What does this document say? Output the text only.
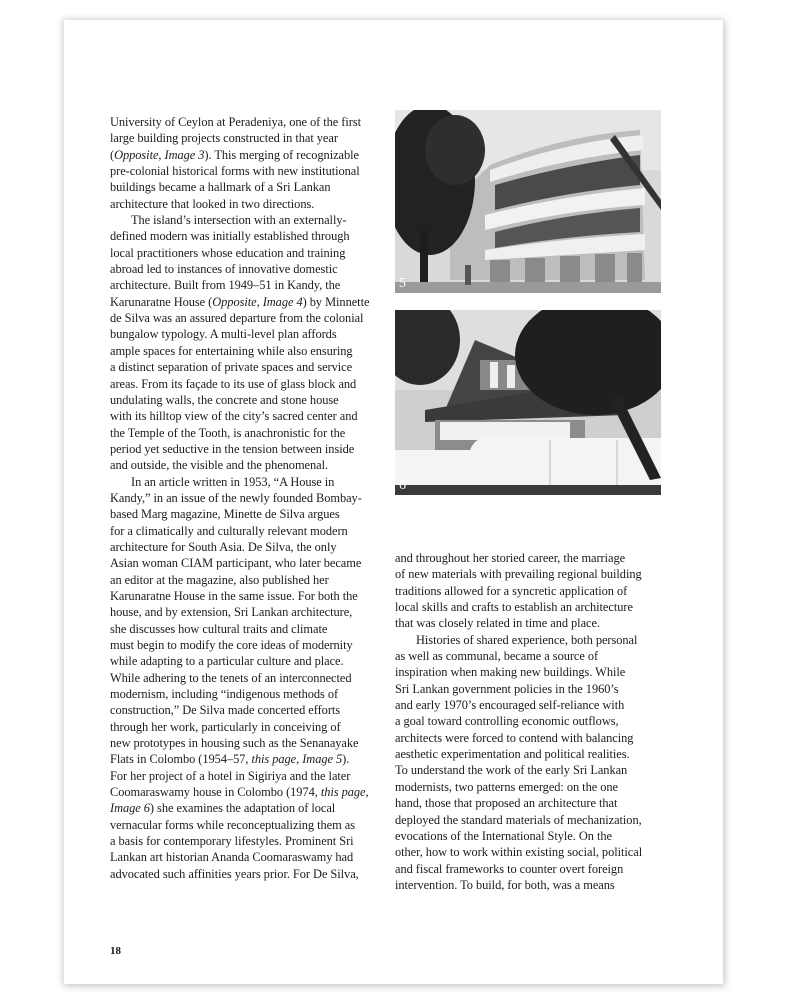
University of Ceylon at Peradeniya, one of the first
large building projects constructed in that year
(Opposite, Image 3). This merging of recognizable
pre-colonial historical forms with new institutional
buildings became a hallmark of a Sri Lankan
architecture that looked in two directions.

The island’s intersection with an externally-
defined modern was initially established through
local practitioners whose education and training
abroad led to instances of innovative domestic
architecture. Built from 1949–51 in Kandy, the
Karunaratne House (Opposite, Image 4) by Minnette
de Silva was an assured departure from the colonial
bungalow typology. A multi-level plan affords
ample spaces for entertaining while also ensuring
a distinct separation of private spaces and service
areas. From its façade to its use of glass block and
undulating walls, the concrete and stone house
with its hilltop view of the city’s sacred center and
the Temple of the Tooth, is anachronistic for the
period yet seductive in the tension between inside
and outside, the visible and the phenomenal.

In an article written in 1953, “A House in
Kandy,” in an issue of the newly founded Bombay-
based Marg magazine, Minette de Silva argues
for a climatically and culturally relevant modern
architecture for South Asia. De Silva, the only
Asian woman CIAM participant, who later became
an editor at the magazine, also published her
Karunaratne House in the same issue. For both the
house, and by extension, Sri Lankan architecture,
she discusses how cultural traits and climate
must begin to modify the core ideas of modernity
while adapting to a particular culture and place.
While adhering to the tenets of an interconnected
modernism, including “indigenous methods of
construction,” De Silva made concerted efforts
through her work, particularly in conceiving of
new prototypes in housing such as the Senanayake
Flats in Colombo (1954–57, this page, Image 5).
For her project of a hotel in Sigiriya and the later
Coomaraswamy house in Colombo (1974, this page,
Image 6) she examines the adaptation of local
vernacular forms while reconceptualizing them as
a basis for contemporary lifestyles. Prominent Sri
Lankan art historian Ananda Coomaraswamy had
advocated such affinities years prior. For De Silva,

5
6

and throughout her storied career, the marriage
of new materials with prevailing regional building
traditions allowed for a syncretic application of
local skills and crafts to establish an architecture
that was closely related in time and place.

Histories of shared experience, both personal
as well as communal, became a source of
inspiration when making new buildings. While
Sri Lankan government policies in the 1960’s
and early 1970’s encouraged self-reliance with
a goal toward controlling economic outflows,
architects were forced to contend with balancing
aesthetic experimentation and political realities.
To understand the work of the early Sri Lankan
modernists, two patterns emerged: on the one
hand, those that proposed an architecture that
deployed the standard materials of mechanization,
evocations of the International Style. On the
other, how to work within existing social, political
and fiscal frameworks to counter overt foreign
intervention. To build, for both, was a means

18
